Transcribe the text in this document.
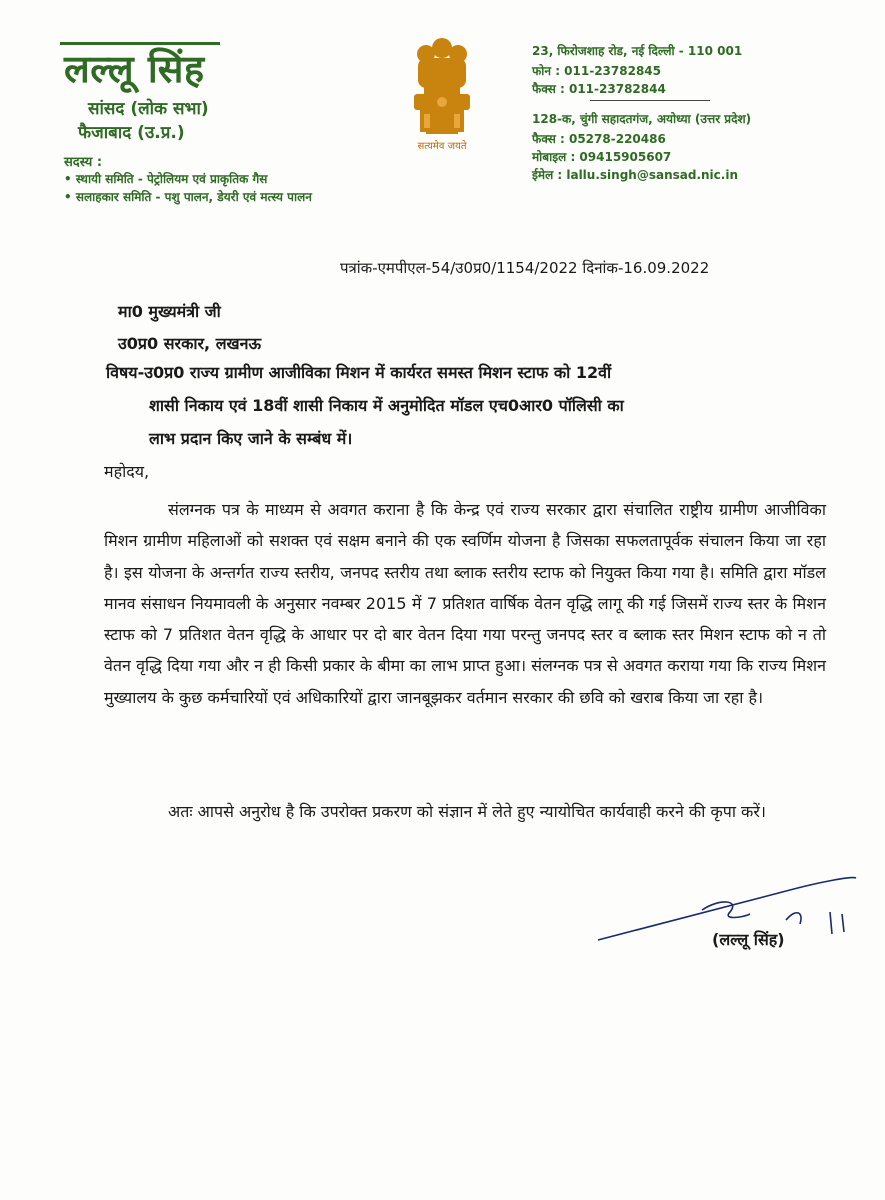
लल्लू सिंह
सांसद (लोक सभा)
फैजाबाद (उ.प्र.)
सदस्य :
• स्थायी समिति - पेट्रोलियम एवं प्राकृतिक गैस
• सलाहकार समिति - पशु पालन, डेयरी एवं मत्स्य पालन
सत्यमेव जयते
23, फिरोजशाह रोड, नई दिल्ली - 110 001
फोन : 011-23782845
फैक्स : 011-23782844
128-क, चुंगी सहादतगंज, अयोध्या (उत्तर प्रदेश)
फैक्स : 05278-220486
मोबाइल : 09415905607
ईमेल : lallu.singh@sansad.nic.in
पत्रांक-एमपीएल-54/उ0प्र0/1154/2022 दिनांक-16.09.2022
मा0 मुख्यमंत्री जी
उ0प्र0 सरकार, लखनऊ
विषय-उ0प्र0 राज्य ग्रामीण आजीविका मिशन में कार्यरत समस्त मिशन स्टाफ को 12वीं
शासी निकाय एवं 18वीं शासी निकाय में अनुमोदित मॉडल एच0आर0 पॉलिसी का
लाभ प्रदान किए जाने के सम्बंध में।
महोदय,
संलग्नक पत्र के माध्यम से अवगत कराना है कि केन्द्र एवं राज्य सरकार द्वारा संचालित राष्ट्रीय ग्रामीण आजीविका मिशन ग्रामीण महिलाओं को सशक्त एवं सक्षम बनाने की एक स्वर्णिम योजना है जिसका सफलतापूर्वक संचालन किया जा रहा है। इस योजना के अन्तर्गत राज्य स्तरीय, जनपद स्तरीय तथा ब्लाक स्तरीय स्टाफ को नियुक्त किया गया है। समिति द्वारा मॉडल मानव संसाधन नियमावली के अनुसार नवम्बर 2015 में 7 प्रतिशत वार्षिक वेतन वृद्धि लागू की गई जिसमें राज्य स्तर के मिशन स्टाफ को 7 प्रतिशत वेतन वृद्धि के आधार पर दो बार वेतन दिया गया परन्तु जनपद स्तर व ब्लाक स्तर मिशन स्टाफ को न तो वेतन वृद्धि दिया गया और न ही किसी प्रकार के बीमा का लाभ प्राप्त हुआ। संलग्नक पत्र से अवगत कराया गया कि राज्य मिशन मुख्यालय के कुछ कर्मचारियों एवं अधिकारियों द्वारा जानबूझकर वर्तमान सरकार की छवि को खराब किया जा रहा है।
अतः आपसे अनुरोध है कि उपरोक्त प्रकरण को संज्ञान में लेते हुए न्यायोचित कार्यवाही करने की कृपा करें।
(लल्लू सिंह)
